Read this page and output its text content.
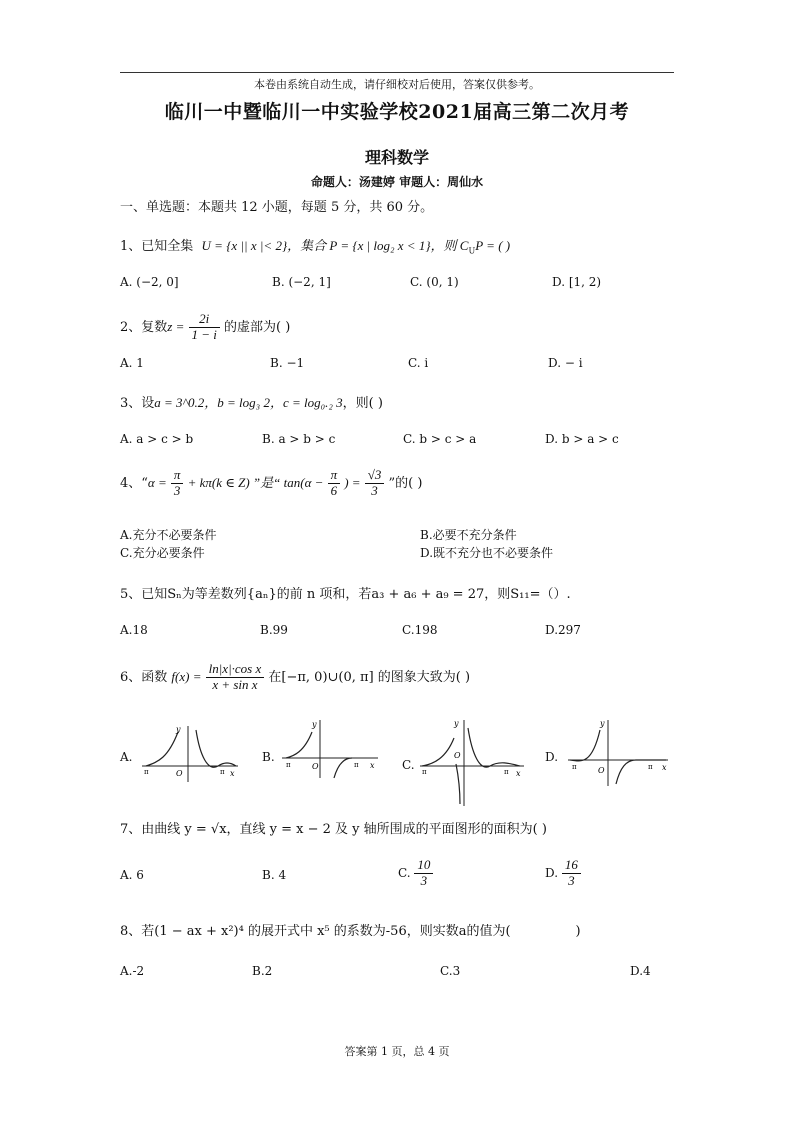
本卷由系统自动生成，请仔细校对后使用，答案仅供参考。
临川一中暨临川一中实验学校2021届高三第二次月考
理科数学
命题人：汤建婷 审题人：周仙水
一、单选题：本题共 12 小题，每题 5 分，共 60 分。
1、已知全集 U = {x || x |< 2}，集合 P = {x | log₂ x < 1}，则 $C_UP$ = ( )
A. (−2, 0]	B. (−2, 1]	C. (0, 1)	D. [1, 2)
2、复数$z = \frac{2i}{1 - i}$ 的虚部为( )
A. 1	B. −1	C. i	D. − i
3、设a = 3^0.2，b = log₃ 2，c = log₀.₂ 3，则( )
A. a > c > b	B. a > b > c	C. b > c > a	D. b > a > c
4、“$\alpha = \frac{\pi}{3} + k\pi(k$ ∈ Z) ”是“ $\tan(\alpha - \frac{\pi}{6}$ ) = $\frac{√3}{3}$ ”的( )
A.充分不必要条件	B.必要不充分条件
C.充分必要条件	D.既不充分也不必要条件
5、已知Sₙ为等差数列{aₙ}的前 n 项和，若a₃ + a₆ + a₉ = 27，则S₁₁=（）.
A.18	B.99	C.198	D.297
6、函数 $f(x) = \frac{\text{ln|x|·cos x}}{\text{x + sin x}}$ 在[−π, 0)∪(0, π] 的图象大致为( )
A.
y
O	x
π	π
B.
y
O	x
π	π	C.
y
O
x
π	π
D.
y
O	x
π	π
7、由曲线 y = √x，直线 y = x − 2 及 y 轴所围成的平面图形的面积为( )
A. 6	B. 4	C. $\frac{10}{3}$	D. $\frac{16}{3}$
8、若(1 − ax + x²)⁴ 的展开式中 x⁵ 的系数为-56，则实数a的值为(　　　　　)
A.-2	B.2	C.3	D.4
答案第 1 页，总 4 页
